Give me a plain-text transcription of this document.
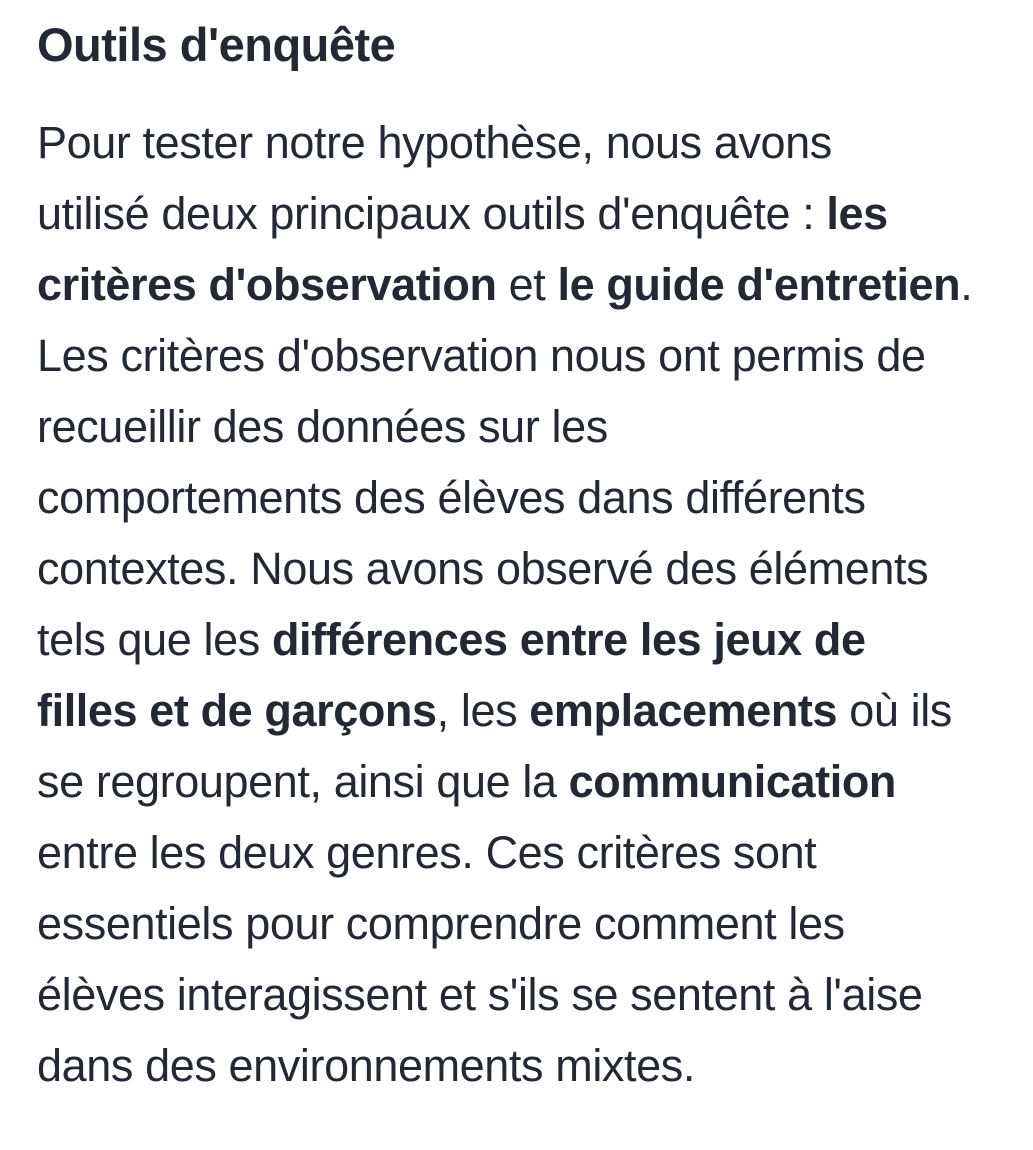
Outils d'enquête
Pour tester notre hypothèse, nous avons
utilisé deux principaux outils d'enquête : les
critères d'observation et le guide d'entretien.
Les critères d'observation nous ont permis de
recueillir des données sur les
comportements des élèves dans différents
contextes. Nous avons observé des éléments
tels que les différences entre les jeux de
filles et de garçons, les emplacements où ils
se regroupent, ainsi que la communication
entre les deux genres. Ces critères sont
essentiels pour comprendre comment les
élèves interagissent et s'ils se sentent à l'aise
dans des environnements mixtes.
